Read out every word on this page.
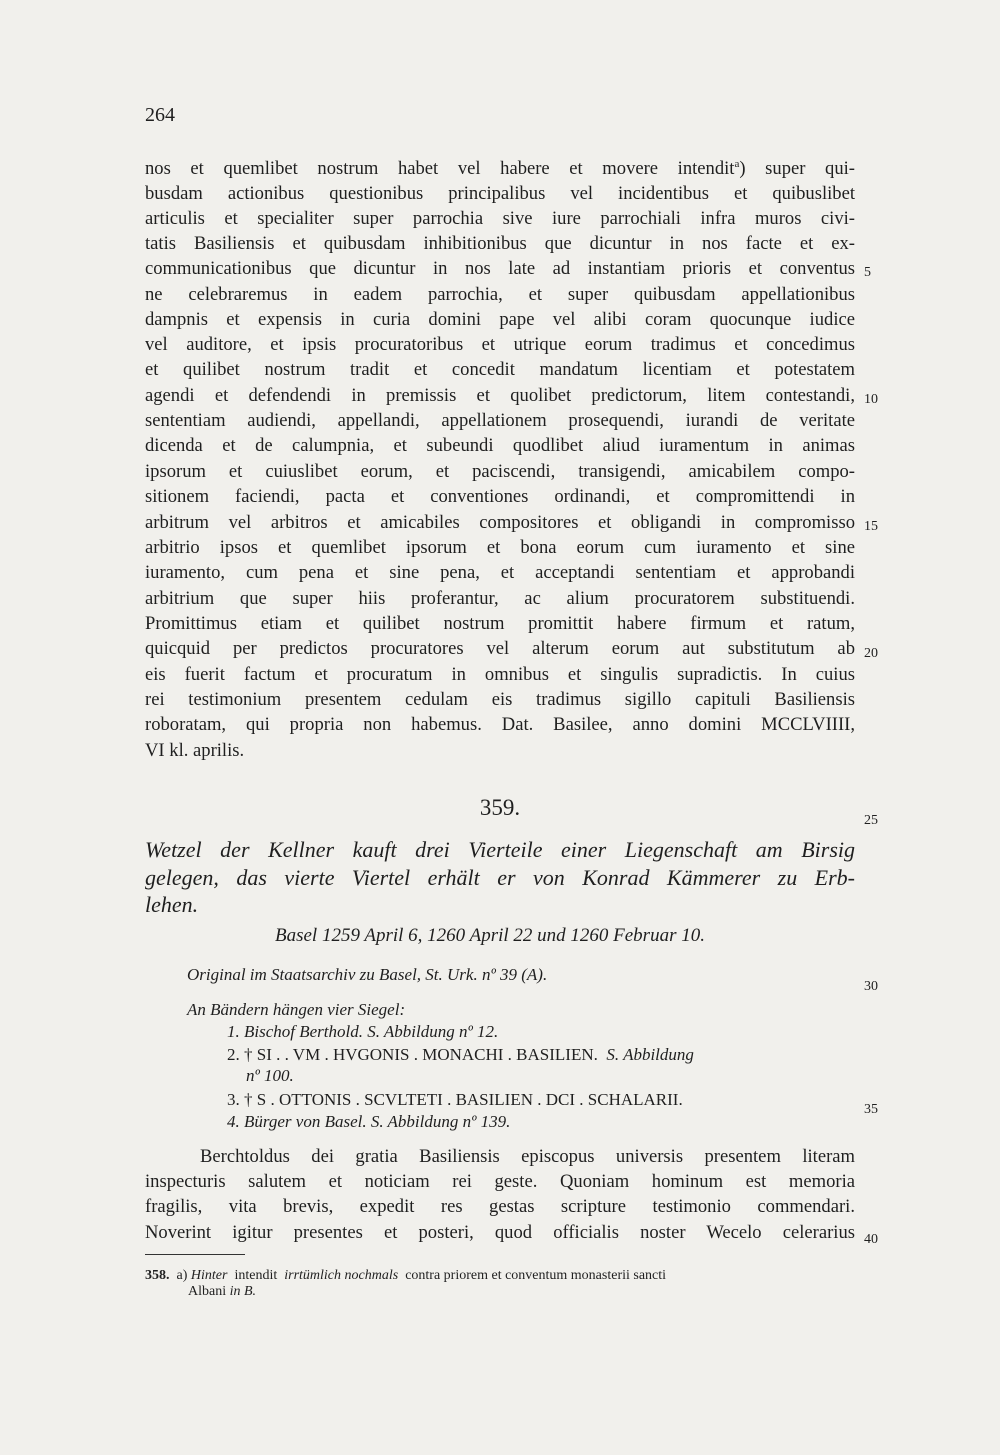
264
nos et quemlibet nostrum habet vel habere et movere intendit$^a$) super qui-
busdam actionibus questionibus principalibus vel incidentibus et quibuslibet
articulis et specialiter super parrochia sive iure parrochiali infra muros civi-
tatis Basiliensis et quibusdam inhibitionibus que dicuntur in nos facte et ex-
communicationibus que dicuntur in nos late ad instantiam prioris et conventus
ne celebraremus in eadem parrochia, et super quibusdam appellationibus
dampnis et expensis in curia domini pape vel alibi coram quocunque iudice
vel auditore, et ipsis procuratoribus et utrique eorum tradimus et concedimus
et quilibet nostrum tradit et concedit mandatum licentiam et potestatem
agendi et defendendi in premissis et quolibet predictorum, litem contestandi,
sententiam audiendi, appellandi, appellationem prosequendi, iurandi de veritate
dicenda et de calumpnia, et subeundi quodlibet aliud iuramentum in animas
ipsorum et cuiuslibet eorum, et paciscendi, transigendi, amicabilem compo-
sitionem faciendi, pacta et conventiones ordinandi, et compromittendi in
arbitrum vel arbitros et amicabiles compositores et obligandi in compromisso
arbitrio ipsos et quemlibet ipsorum et bona eorum cum iuramento et sine
iuramento, cum pena et sine pena, et acceptandi sententiam et approbandi
arbitrium que super hiis proferantur, ac alium procuratorem substituendi.
Promittimus etiam et quilibet nostrum promittit habere firmum et ratum,
quicquid per predictos procuratores vel alterum eorum aut substitutum ab
eis fuerit factum et procuratum in omnibus et singulis supradictis. In cuius
rei testimonium presentem cedulam eis tradimus sigillo capituli Basiliensis
roboratam, qui propria non habemus. Dat. Basilee, anno domini MCCLVIIII,
VI kl. aprilis.
Wetzel der Kellner kauft drei Vierteile einer Liegenschaft am Birsig
gelegen, das vierte Viertel erhält er von Konrad Kämmerer zu Erb-
lehen.
Basel 1259 April 6, 1260 April 22 und 1260 Februar 10.
Original im Staatsarchiv zu Basel, St. Urk. nº 39 (A).
An Bändern hängen vier Siegel:
1. Bischof Berthold. S. Abbildung nº 12.
2. † SI . . VM . HVGONIS . MONACHI . BASILIEN. S. Abbildung
nº 100.
3. † S . OTTONIS . SCVLTETI . BASILIEN . DCI . SCHALARII.
4. Bürger von Basel. S. Abbildung nº 139.
Berchtoldus dei gratia Basiliensis episcopus universis presentem literam
inspecturis salutem et noticiam rei geste. Quoniam hominum est memoria
fragilis, vita brevis, expedit res gestas scripture testimonio commendari.
Noverint igitur presentes et posteri, quod officialis noster Wecelo celerarius
359.
5
10
15
20
25
30
35
40
358. a) Hinter intendit irrtümlich nochmals contra priorem et conventum monasterii sancti
Albani in B.
